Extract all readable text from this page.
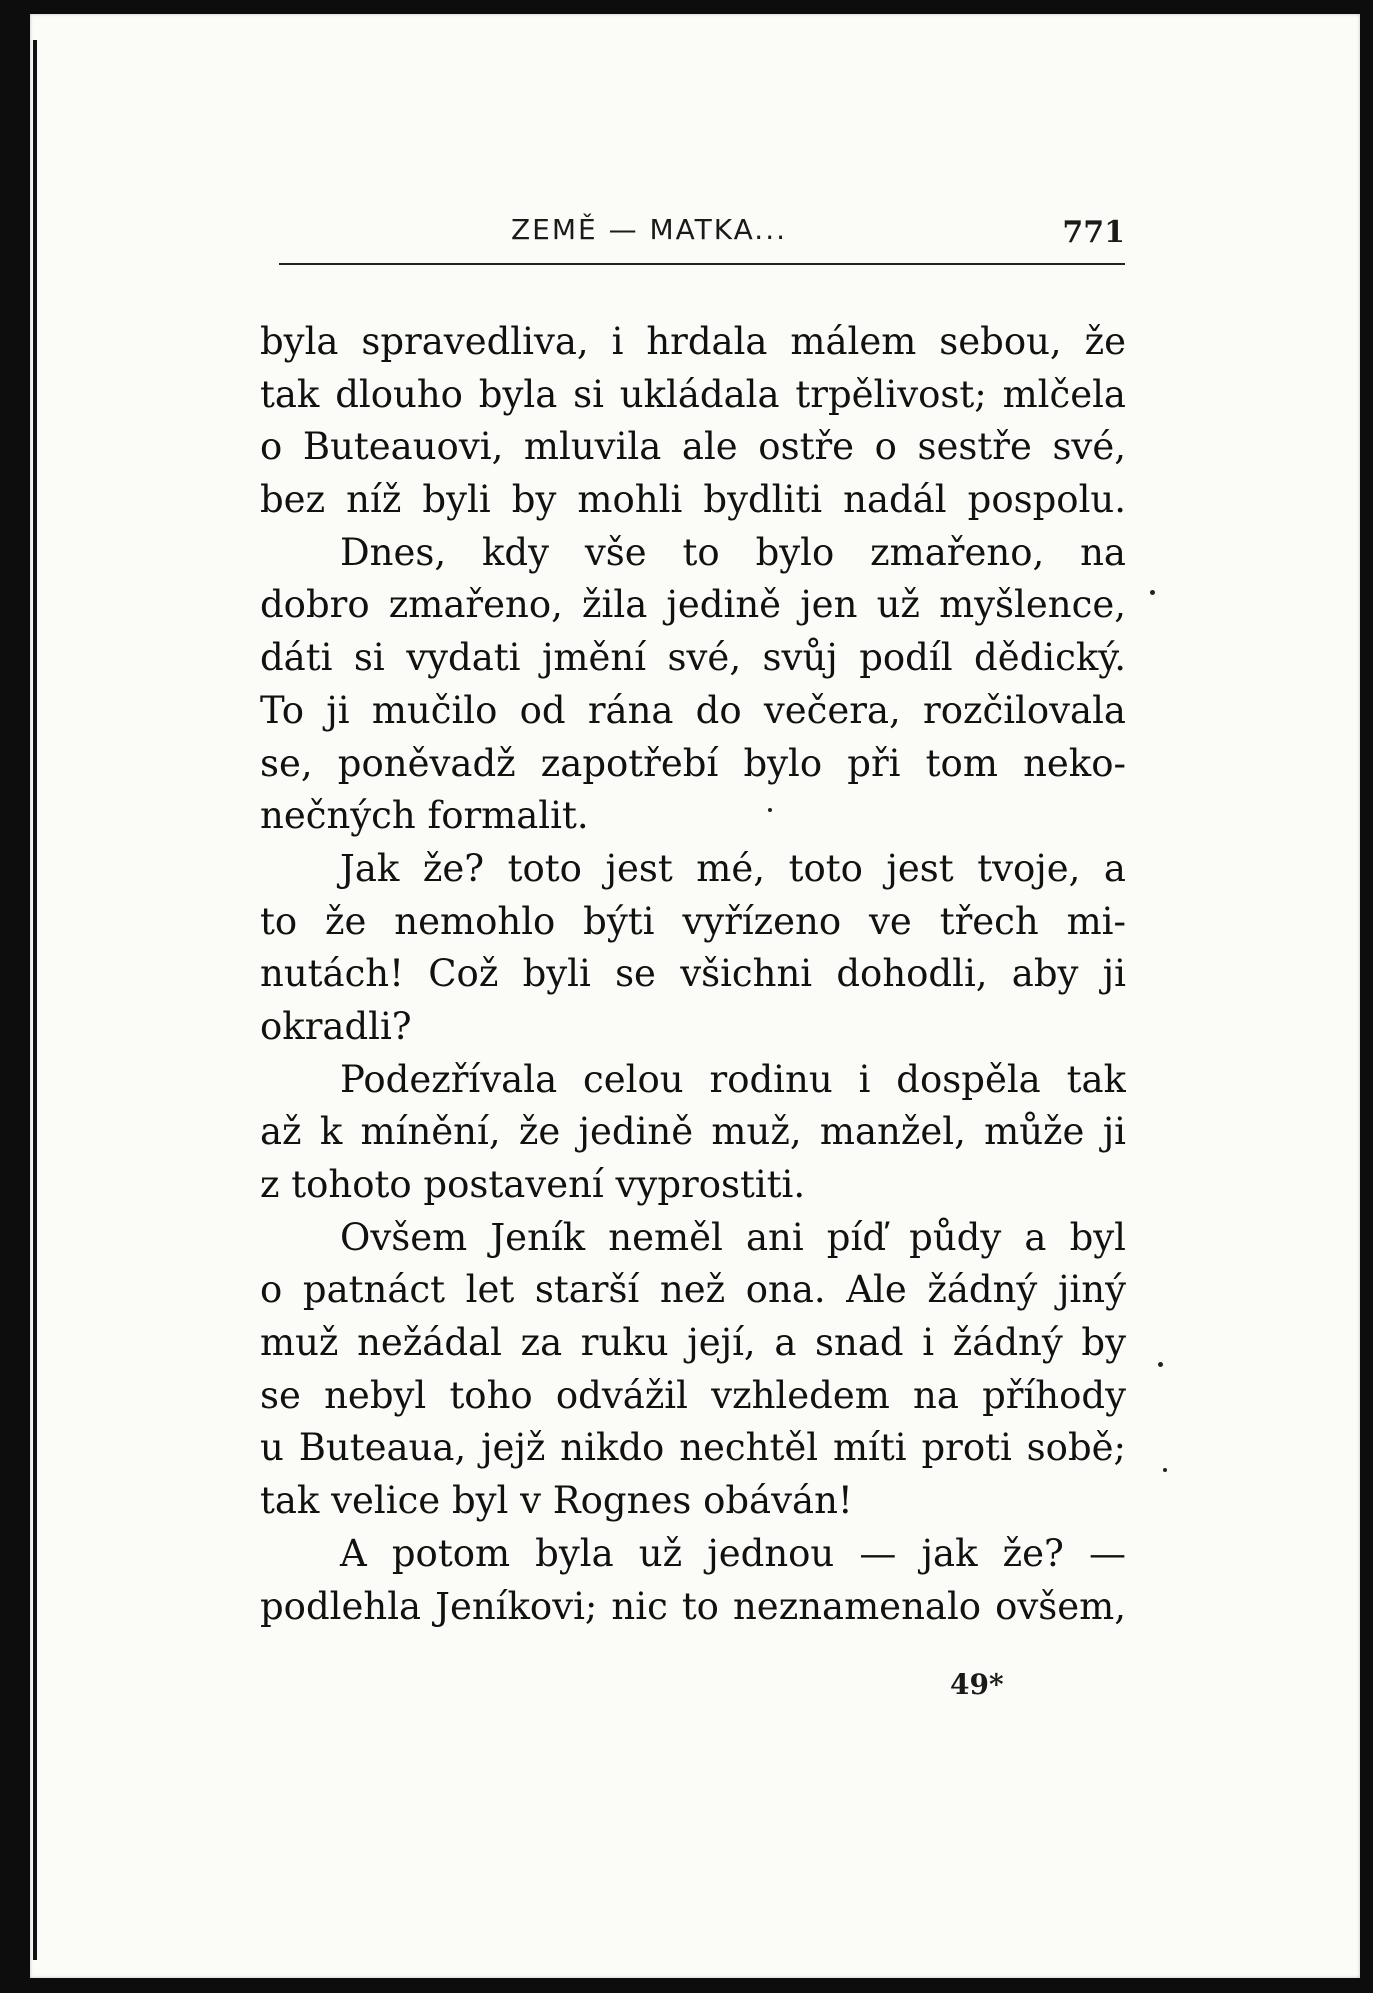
ZEMĚ — MATKA...	771
byla spravedliva, i hrdala málem sebou, že
tak dlouho byla si ukládala trpělivost; mlčela
o Buteauovi, mluvila ale ostře o sestře své,
bez níž byli by mohli bydliti nadál pospolu.
Dnes, kdy vše to bylo zmařeno, na
dobro zmařeno, žila jedině jen už myšlence,
dáti si vydati jmění své, svůj podíl dědický.
To ji mučilo od rána do večera, rozčilovala
se, poněvadž zapotřebí bylo při tom neko-
nečných formalit.
Jak že? toto jest mé, toto jest tvoje, a
to že nemohlo býti vyřízeno ve třech mi-
nutách! Což byli se všichni dohodli, aby ji
okradli?
Podezřívala celou rodinu i dospěla tak
až k mínění, že jedině muž, manžel, může ji
z tohoto postavení vyprostiti.
Ovšem Jeník neměl ani píď půdy a byl
o patnáct let starší než ona. Ale žádný jiný
muž nežádal za ruku její, a snad i žádný by
se nebyl toho odvážil vzhledem na příhody
u Buteaua, jejž nikdo nechtěl míti proti sobě;
tak velice byl v Rognes obáván!
A potom byla už jednou — jak že? —
podlehla Jeníkovi; nic to neznamenalo ovšem,
49*
